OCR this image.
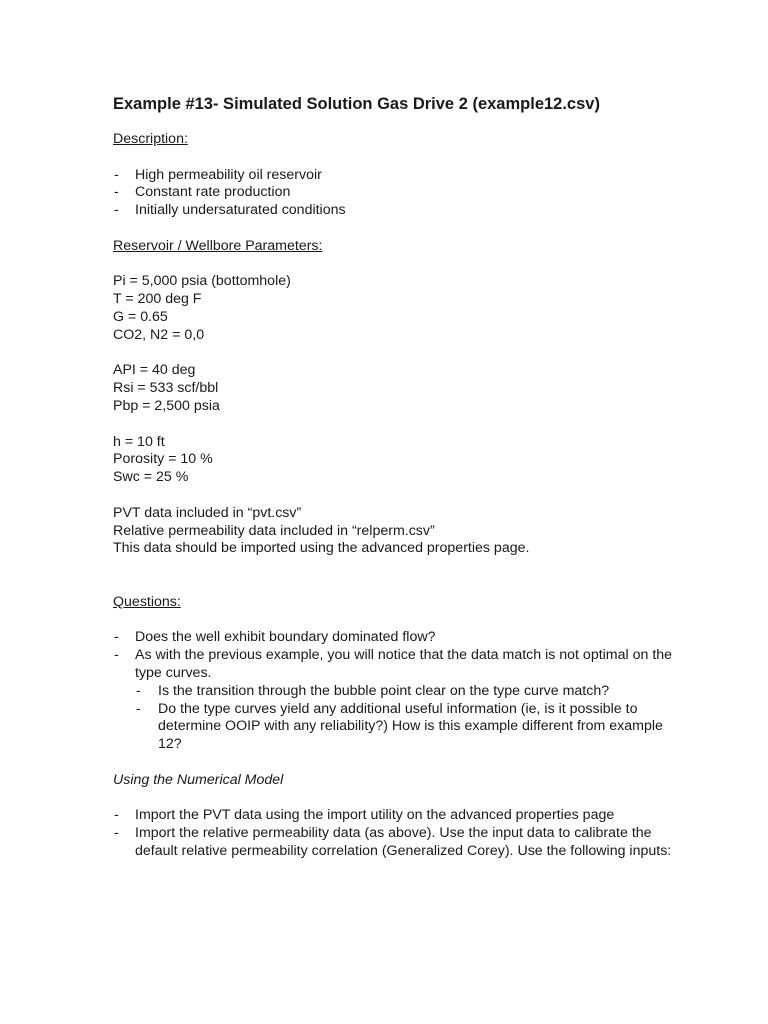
Example #13- Simulated Solution Gas Drive 2 (example12.csv)

Description:

- High permeability oil reservoir
- Constant rate production
- Initially undersaturated conditions

Reservoir / Wellbore Parameters:

Pi = 5,000 psia (bottomhole)

T = 200 deg F

G = 0.65

CO2, N2 = 0,0

API = 40 deg

Rsi = 533 scf/bbl

Pbp = 2,500 psia

h = 10 ft

Porosity = 10 %

Swc = 25 %

PVT data included in “pvt.csv”

Relative permeability data included in “relperm.csv”

This data should be imported using the advanced properties page.

Questions:

- Does the well exhibit boundary dominated flow?
- As with the previous example, you will notice that the data match is not optimal on the type curves.
- Is the transition through the bubble point clear on the type curve match?
- Do the type curves yield any additional useful information (ie, is it possible to determine OOIP with any reliability?) How is this example different from example 12?

Using the Numerical Model

- Import the PVT data using the import utility on the advanced properties page
- Import the relative permeability data (as above). Use the input data to calibrate the default relative permeability correlation (Generalized Corey). Use the following inputs:
